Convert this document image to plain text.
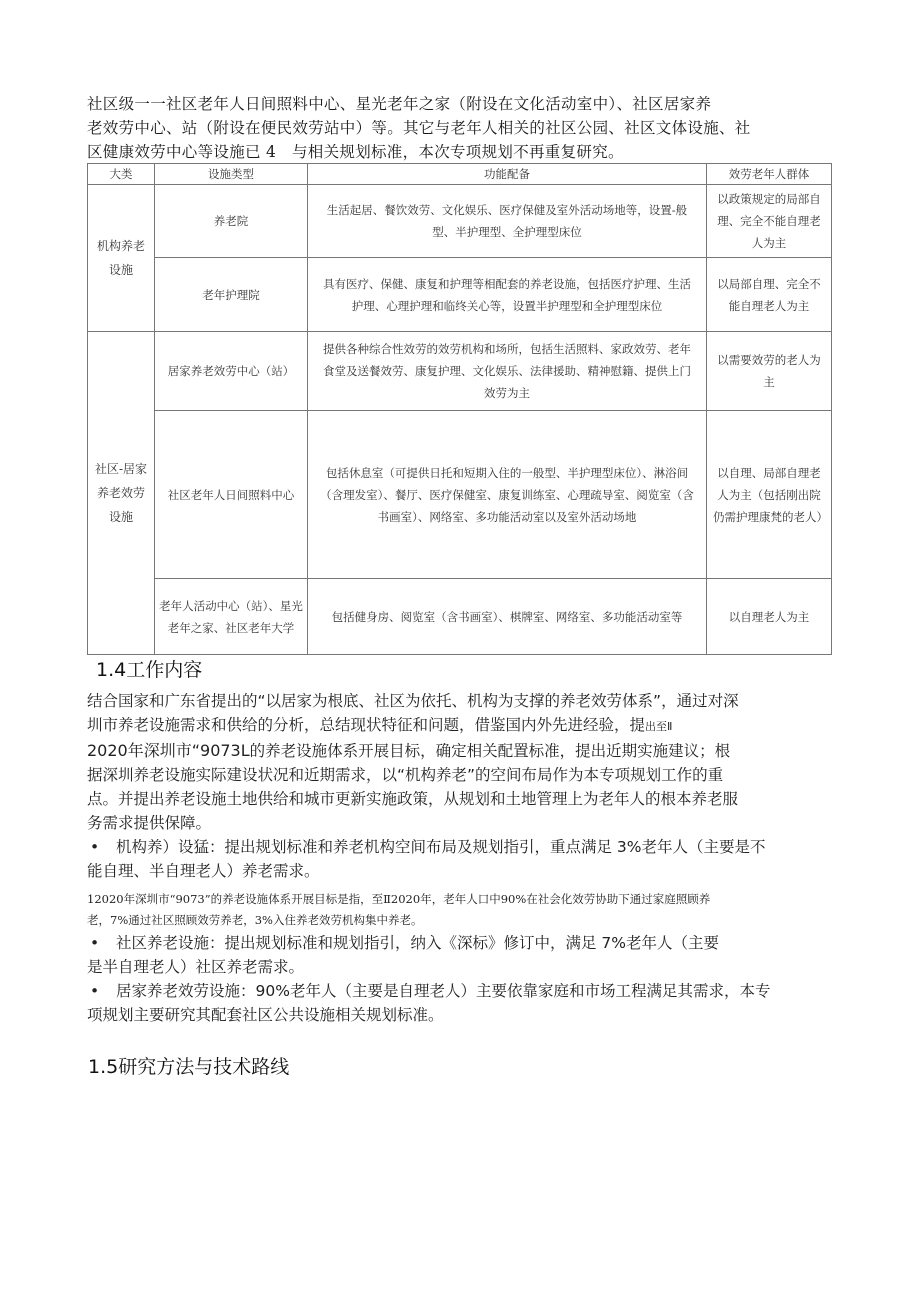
社区级一一社区老年人日间照料中心、星光老年之家（附设在文化活动室中）、社区居家养
老效劳中心、站（附设在便民效劳站中）等。其它与老年人相关的社区公园、社区文体设施、社
区健康效劳中心等设施已 4　与相关规划标准，本次专项规划不再重复研究。
大类	设施类型	功能配备	效劳老年人群体
机构养老设施	养老院	生活起居、餐饮效劳、文化娱乐、医疗保健及室外活动场地等，设置-般型、半护理型、全护理型床位	以政策规定的局部自理、完全不能自理老人为主
	老年护理院	具有医疗、保健、康复和护理等相配套的养老设施，包括医疗护理、生活护理、心理护理和临终关心等，设置半护理型和全护理型床位	以局部自理、完全不能自理老人为主
社区-居家养老效劳设施	居家养老效劳中心（站）	提供各种综合性效劳的效劳机构和场所，包括生活照料、家政效劳、老年食堂及送餐效劳、康复护理、文化娱乐、法律援助、精神慰籍、提供上门效劳为主	以需要效劳的老人为主
	社区老年人日间照料中心	包括休息室（可提供日托和短期入住的一般型、半护理型床位）、淋浴间（含理发室）、餐厅、医疗保健室、康复训练室、心理疏导室、阅览室（含书画室）、网络室、多功能活动室以及室外活动场地	以自理、局部自理老人为主（包括刚出院仍需护理康梵的老人）
	老年人活动中心（站）、星光老年之家、社区老年大学	包括健身房、阅览室（含书画室）、棋牌室、网络室、多功能活动室等	以自理老人为主
1.4工作内容
结合国家和广东省提出的“以居家为根底、社区为依托、机构为支撑的养老效劳体系”，通过对深
圳市养老设施需求和供给的分析，总结现状特征和问题，借鉴国内外先进经验，提出至Ⅱ
2020年深圳市“9073L的养老设施体系开展目标，确定相关配置标准，提出近期实施建议；根
据深圳养老设施实际建设状况和近期需求，以“机构养老”的空间布局作为本专项规划工作的重
点。并提出养老设施土地供给和城市更新实施政策，从规划和土地管理上为老年人的根本养老服
务需求提供保障。
• 机构养）设猛：提出规划标准和养老机构空间布局及规划指引，重点满足 3%老年人（主要是不
能自理、半自理老人）养老需求。
12020年深圳市“9073”的养老设施体系开展目标是指，至Ⅱ2020年，老年人口中90%在社会化效劳协助下通过家庭照顾养
老，7%通过社区照顾效劳养老，3%入住养老效劳机构集中养老。
• 社区养老设施：提出规划标准和规划指引，纳入《深标》修订中，满足 7%老年人（主要
是半自理老人）社区养老需求。
• 居家养老效劳设施：90%老年人（主要是自理老人）主要依靠家庭和市场工程满足其需求，本专
项规划主要研究其配套社区公共设施相关规划标准。
1.5研究方法与技术路线
